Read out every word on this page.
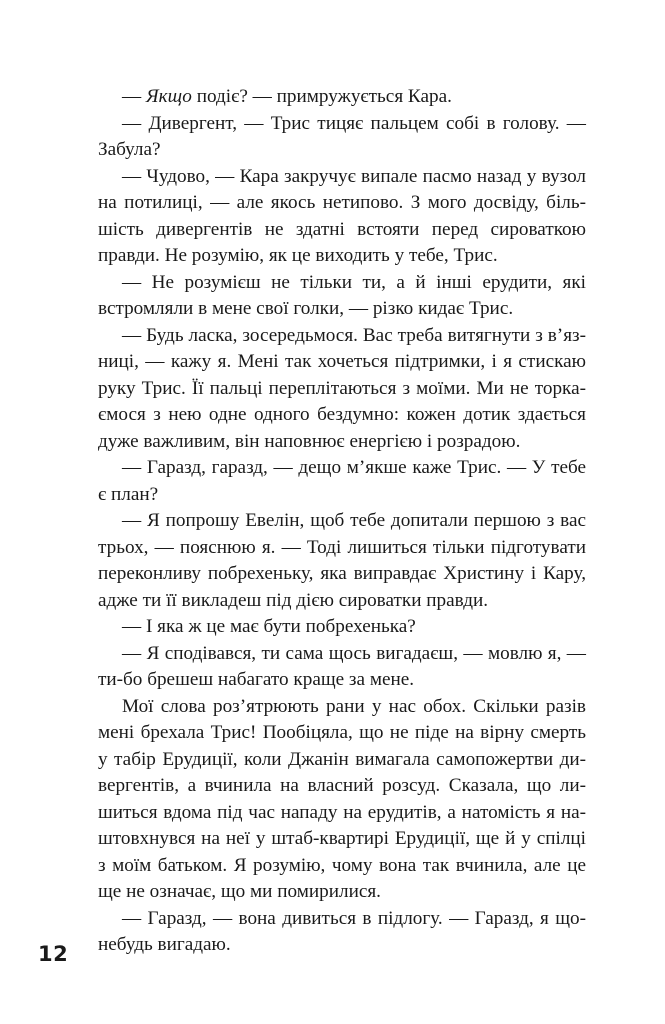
— Якщо подіє? — примружується Кара.
— Дивергент, — Трис тицяє пальцем собі в голову. —
Забула?
— Чудово, — Кара закручує випале пасмо назад у вузол
на потилиці, — але якось нетипово. З мого досвіду, біль-
шість дивергентів не здатні встояти перед сироваткою
правди. Не розумію, як це виходить у тебе, Трис.
— Не розумієш не тільки ти, а й інші ерудити, які
встромляли в мене свої голки, — різко кидає Трис.
— Будь ласка, зосередьмося. Вас треба витягнути з в’яз-
ниці, — кажу я. Мені так хочеться підтримки, і я стискаю
руку Трис. Її пальці переплітаються з моїми. Ми не торка-
ємося з нею одне одного бездумно: кожен дотик здається
дуже важливим, він наповнює енергією і розрадою.
— Гаразд, гаразд, — дещо м’якше каже Трис. — У тебе
є план?
— Я попрошу Евелін, щоб тебе допитали першою з вас
трьох, — пояснюю я. — Тоді лишиться тільки підготувати
переконливу побрехеньку, яка виправдає Христину і Кару,
адже ти її викладеш під дією сироватки правди.
— І яка ж це має бути побрехенька?
— Я сподівався, ти сама щось вигадаєш, — мовлю я, —
ти-бо брешеш набагато краще за мене.
Мої слова роз’ятрюють рани у нас обох. Скільки разів
мені брехала Трис! Пообіцяла, що не піде на вірну смерть
у табір Ерудиції, коли Джанін вимагала самопожертви ди-
вергентів, а вчинила на власний розсуд. Сказала, що ли-
шиться вдома під час нападу на ерудитів, а натомість я на-
штовхнувся на неї у штаб-квартирі Ерудиції, ще й у спілці
з моїм батьком. Я розумію, чому вона так вчинила, але це
ще не означає, що ми помирилися.
— Гаразд, — вона дивиться в підлогу. — Гаразд, я що-
небудь вигадаю.
12
